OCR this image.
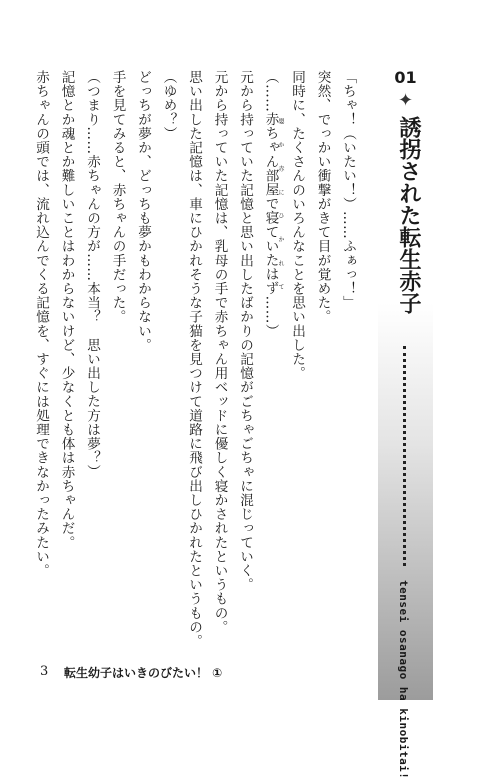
「ちゃ！（いたい！）……ふぁっ！」

突然、でっかい衝撃がきて目が覚めた。

同時に、たくさんのいろんなことを思い出した。

（……赤ちゃん部屋で寝ていたはず嬰か赤にひかれて……）

元から持っていた記憶と思い出したばかりの記憶がごちゃごちゃに混じっていく。

元から持っていた記憶は、乳母の手で赤ちゃん用ベッドに優しく寝かされたというもの。

思い出した記憶は、車にひかれそうな子猫を見つけて道路に飛び出しひかれたというもの。

（ゆめ？）

どっちが夢か、どっちも夢かもわからない。

手を見てみると、赤ちゃんの手だった。

（つまり……赤ちゃんの方が……本当？　思い出した方は夢？）

記憶とか魂とか難しいことはわからないけど、少なくとも体は赤ちゃんだ。

赤ちゃんの頭では、流れ込んでくる記憶を、すぐには処理できなかったみたい。	01
✦
誘拐された転生赤子
tensei osanago ha kinobitai!
3 転生幼子はいきのびたい！ ①
